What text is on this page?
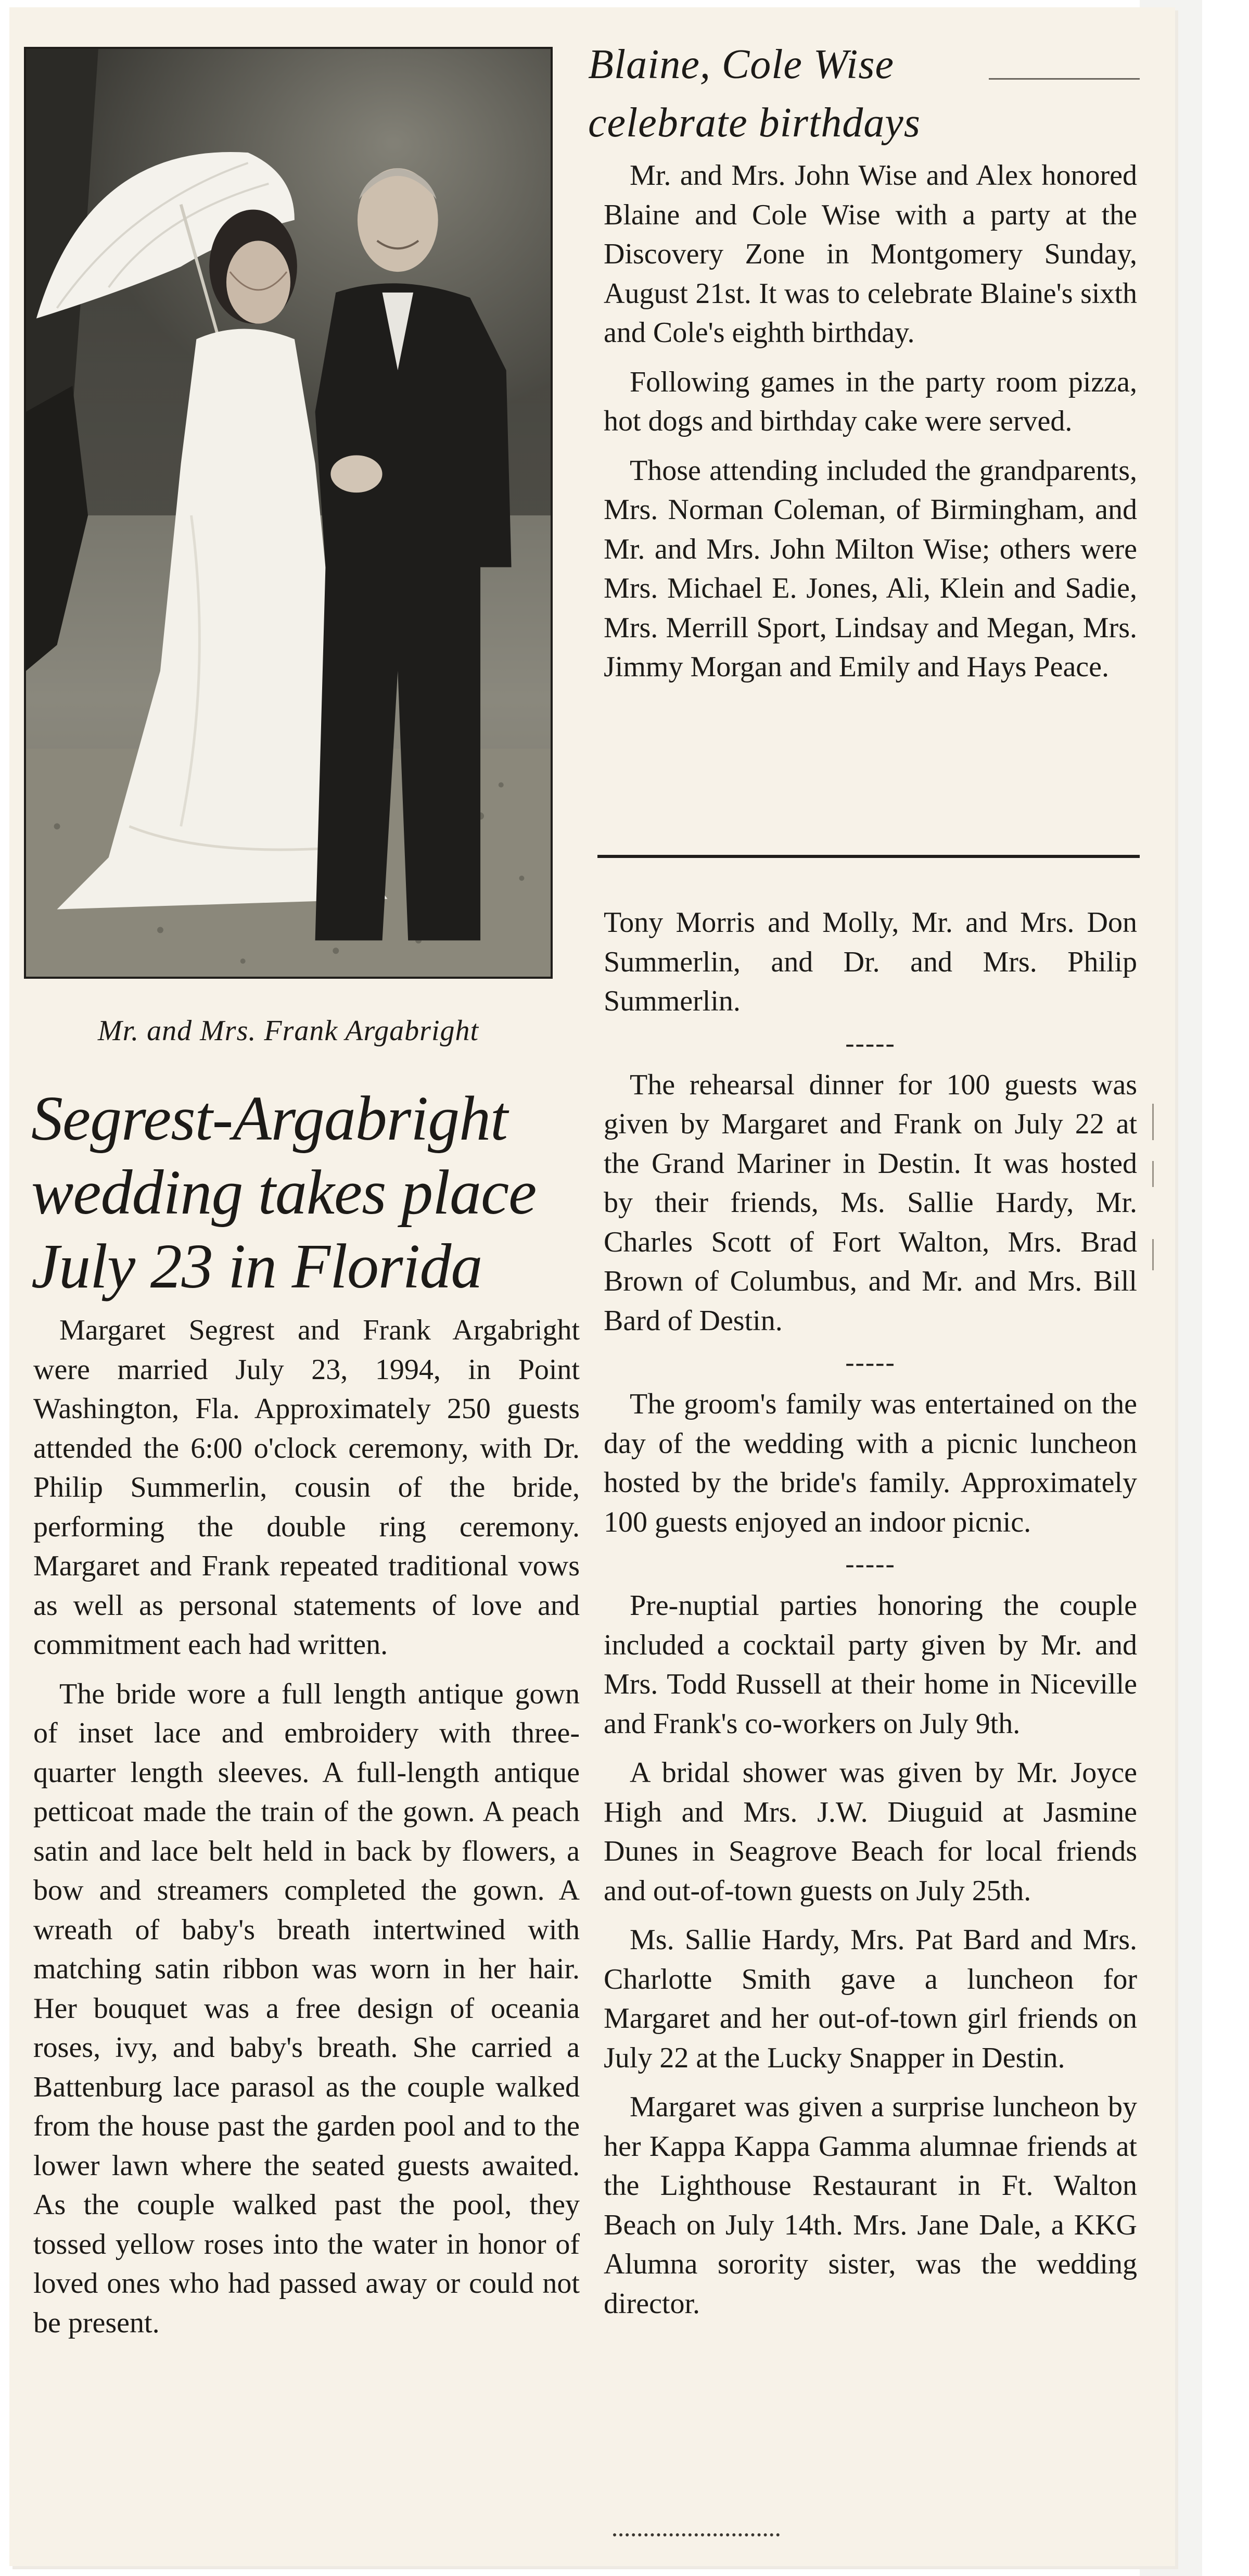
Mr. and Mrs. Frank Argabright
Segrest-Argabright
wedding takes place
July 23 in Florida

Margaret Segrest and Frank Argabright were married July 23, 1994, in Point Washington, Fla. Approximately 250 guests attended the 6:00 o'clock ceremony, with Dr. Philip Summerlin, cousin of the bride, performing the double ring ceremony. Margaret and Frank repeated traditional vows as well as personal statements of love and commitment each had written.

The bride wore a full length antique gown of inset lace and embroidery with three-quarter length sleeves. A full-length antique petticoat made the train of the gown. A peach satin and lace belt held in back by flowers, a bow and streamers completed the gown. A wreath of baby's breath intertwined with matching satin ribbon was worn in her hair. Her bouquet was a free design of oceania roses, ivy, and baby's breath. She carried a Battenburg lace parasol as the couple walked from the house past the garden pool and to the lower lawn where the seated guests awaited. As the couple walked past the pool, they tossed yellow roses into the water in honor of loved ones who had passed away or could not be present.

Blaine, Cole Wise
celebrate birthdays

Mr. and Mrs. John Wise and Alex honored Blaine and Cole Wise with a party at the Discovery Zone in Montgomery Sunday, August 21st. It was to celebrate Blaine's sixth and Cole's eighth birthday.

Following games in the party room pizza, hot dogs and birthday cake were served.

Those attending included the grandparents, Mrs. Norman Coleman, of Birmingham, and Mr. and Mrs. John Milton Wise; others were Mrs. Michael E. Jones, Ali, Klein and Sadie, Mrs. Merrill Sport, Lindsay and Megan, Mrs. Jimmy Morgan and Emily and Hays Peace.

Tony Morris and Molly, Mr. and Mrs. Don Summerlin, and Dr. and Mrs. Philip Summerlin.

-----

The rehearsal dinner for 100 guests was given by Margaret and Frank on July 22 at the Grand Mariner in Destin. It was hosted by their friends, Ms. Sallie Hardy, Mr. Charles Scott of Fort Walton, Mrs. Brad Brown of Columbus, and Mr. and Mrs. Bill Bard of Destin.

-----

The groom's family was entertained on the day of the wedding with a picnic luncheon hosted by the bride's family. Approximately 100 guests enjoyed an indoor picnic.

-----

Pre-nuptial parties honoring the couple included a cocktail party given by Mr. and Mrs. Todd Russell at their home in Niceville and Frank's co-workers on July 9th.

A bridal shower was given by Mr. Joyce High and Mrs. J.W. Diuguid at Jasmine Dunes in Seagrove Beach for local friends and out-of-town guests on July 25th.

Ms. Sallie Hardy, Mrs. Pat Bard and Mrs. Charlotte Smith gave a luncheon for Margaret and her out-of-town girl friends on July 22 at the Lucky Snapper in Destin.

Margaret was given a surprise luncheon by her Kappa Kappa Gamma alumnae friends at the Lighthouse Restaurant in Ft. Walton Beach on July 14th. Mrs. Jane Dale, a KKG Alumna sorority sister, was the wedding director.
